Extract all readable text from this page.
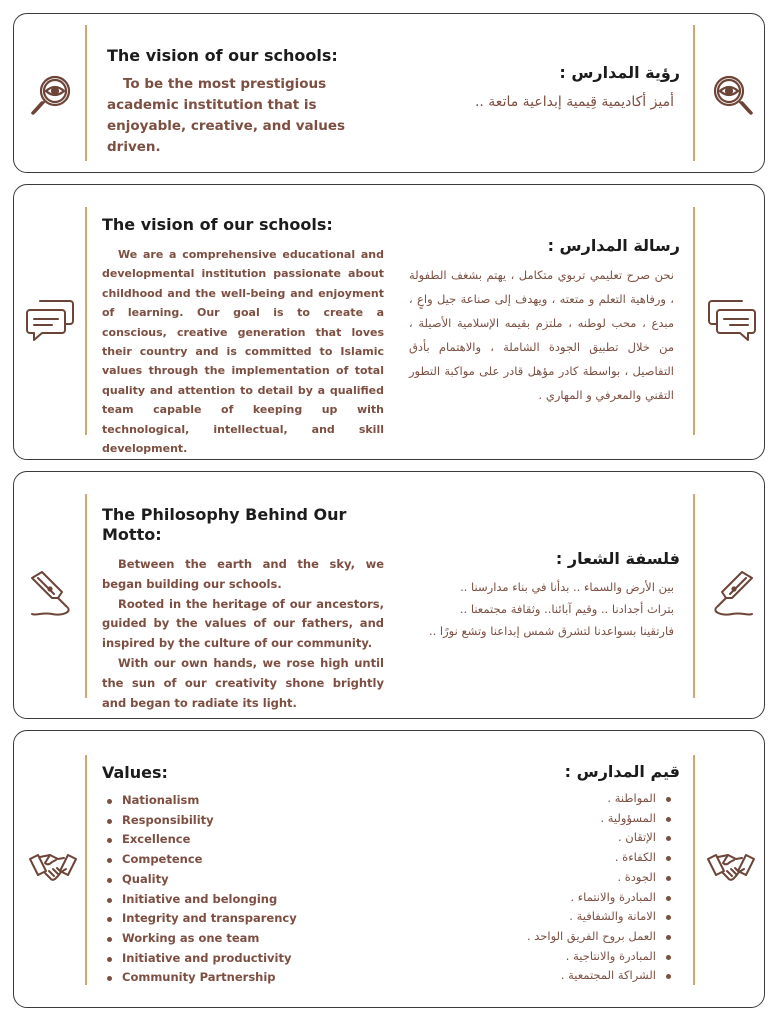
The vision of our schools:

To be the most prestigious academic institution that is enjoyable, creative, and values driven.

رؤية المدارس :

أميز أكاديمية قِيمية إبداعية ماتعة ..

The vision of our schools:

We are a comprehensive educational and developmental institution passionate about childhood and the well-being and enjoyment of learning. Our goal is to create a conscious, creative generation that loves their country and is committed to Islamic values through the implementation of total quality and attention to detail by a qualified team capable of keeping up with technological, intellectual, and skill development.

رسالة المدارس :

نحن صرح تعليمي تربوي متكامل ، يهتم بشغف الطفولة ، ورفاهية التعلم و متعته ، ويهدف إلى صناعة جيل واعٍ ، مبدع ، محب لوطنه ، ملتزم بقيمه الإسلامية الأصيلة ، من خلال تطبيق الجودة الشاملة ، والاهتمام بأدق التفاصيل ، بواسطة كادر مؤهل قادر على مواكبة التطور التقني والمعرفي و المهاري .

The Philosophy Behind Our Motto:

Between the earth and the sky, we began building our schools.

Rooted in the heritage of our ancestors, guided by the values of our fathers, and inspired by the culture of our community.

With our own hands, we rose high until the sun of our creativity shone brightly and began to radiate its light.

فلسفة الشعار :

بين الأرض والسماء .. بدأنا في بناء مدارسنا ..

بتراث أجدادنا .. وقيم آبائنا.. وثقافة مجتمعنا ..

فارتقينا بسواعدنا لتشرق شمس إبداعنا وتشع نورًا ..

Values:
Nationalism
Responsibility
Excellence
Competence
Quality
Initiative and belonging
Integrity and transparency
Working as one team
Initiative and productivity
Community Partnership
قيم المدارس :
المواطنة .
المسؤولية .
الإتقان .
الكفاءة .
الجودة .
المبادرة والانتماء .
الامانة والشفافية .
العمل بروح الفريق الواحد .
المبادرة والانتاجية .
الشراكة المجتمعية .
